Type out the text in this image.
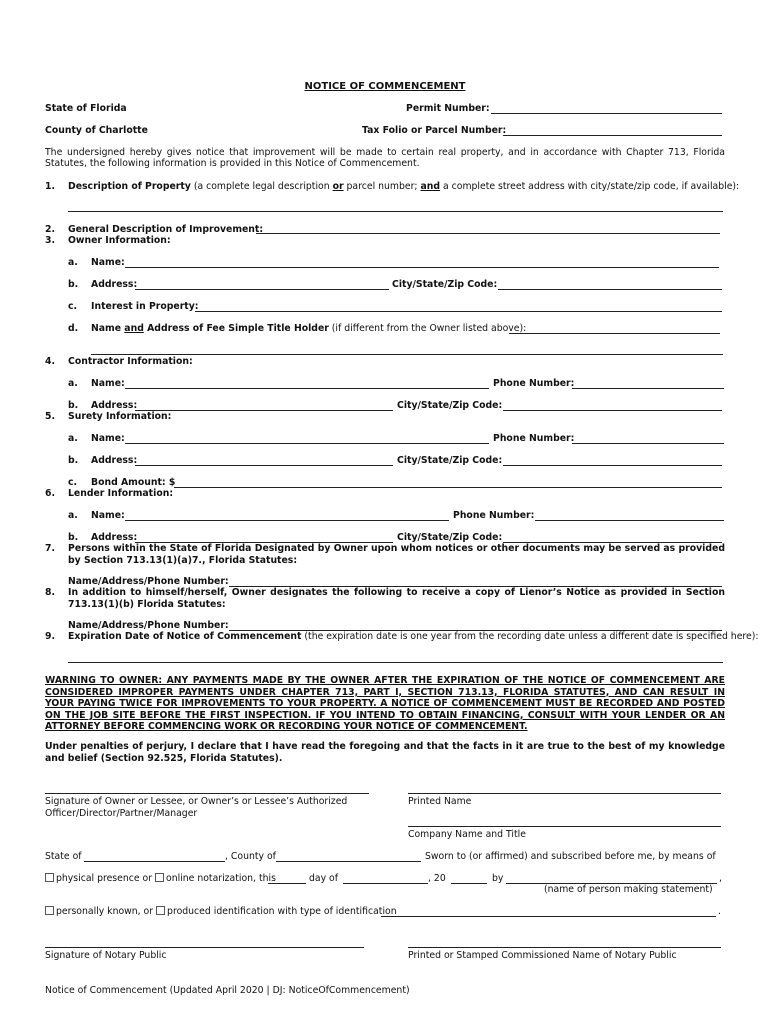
NOTICE OF COMMENCEMENT
State of Florida	Permit Number:
County of Charlotte	Tax Folio or Parcel Number:
The undersigned hereby gives notice that improvement will be made to certain real property, and in accordance with Chapter 713, Florida Statutes, the following information is provided in this Notice of Commencement.
1. Description of Property (a complete legal description or parcel number; and a complete street address with city/state/zip code, if available):
2. General Description of Improvement:
3. Owner Information:
a. Name:
b. Address:	City/State/Zip Code:
c. Interest in Property:
d. Name and Address of Fee Simple Title Holder (if different from the Owner listed above):
4. Contractor Information:
a. Name:	Phone Number:
b. Address:	City/State/Zip Code:
5. Surety Information:
a. Name:	Phone Number:
b. Address:	City/State/Zip Code:
c. Bond Amount: $
6. Lender Information:
a. Name:	Phone Number:
b. Address:	City/State/Zip Code:
7. Persons within the State of Florida Designated by Owner upon whom notices or other documents may be served as provided by Section 713.13(1)(a)7., Florida Statutes:
Name/Address/Phone Number:
8. In addition to himself/herself, Owner designates the following to receive a copy of Lienor’s Notice as provided in Section 713.13(1)(b) Florida Statutes:
Name/Address/Phone Number:
9. Expiration Date of Notice of Commencement (the expiration date is one year from the recording date unless a different date is specified here):
WARNING TO OWNER: ANY PAYMENTS MADE BY THE OWNER AFTER THE EXPIRATION OF THE NOTICE OF COMMENCEMENT ARE CONSIDERED IMPROPER PAYMENTS UNDER CHAPTER 713, PART I, SECTION 713.13, FLORIDA STATUTES, AND CAN RESULT IN YOUR PAYING TWICE FOR IMPROVEMENTS TO YOUR PROPERTY. A NOTICE OF COMMENCEMENT MUST BE RECORDED AND POSTED ON THE JOB SITE BEFORE THE FIRST INSPECTION. IF YOU INTEND TO OBTAIN FINANCING, CONSULT WITH YOUR LENDER OR AN ATTORNEY BEFORE COMMENCING WORK OR RECORDING YOUR NOTICE OF COMMENCEMENT.
Under penalties of perjury, I declare that I have read the foregoing and that the facts in it are true to the best of my knowledge and belief (Section 92.525, Florida Statutes).
Signature of Owner or Lessee, or Owner’s or Lessee’s Authorized Officer/Director/Partner/Manager
Printed Name
Company Name and Title
State of	, County of	Sworn to (or affirmed) and subscribed before me, by means of
physical presence or online notarization, this	day of	, 20	by	,
(name of person making statement)
personally known, or produced identification with type of identification	.
Signature of Notary Public	Printed or Stamped Commissioned Name of Notary Public
Notice of Commencement (Updated April 2020 | DJ: NoticeOfCommencement)
